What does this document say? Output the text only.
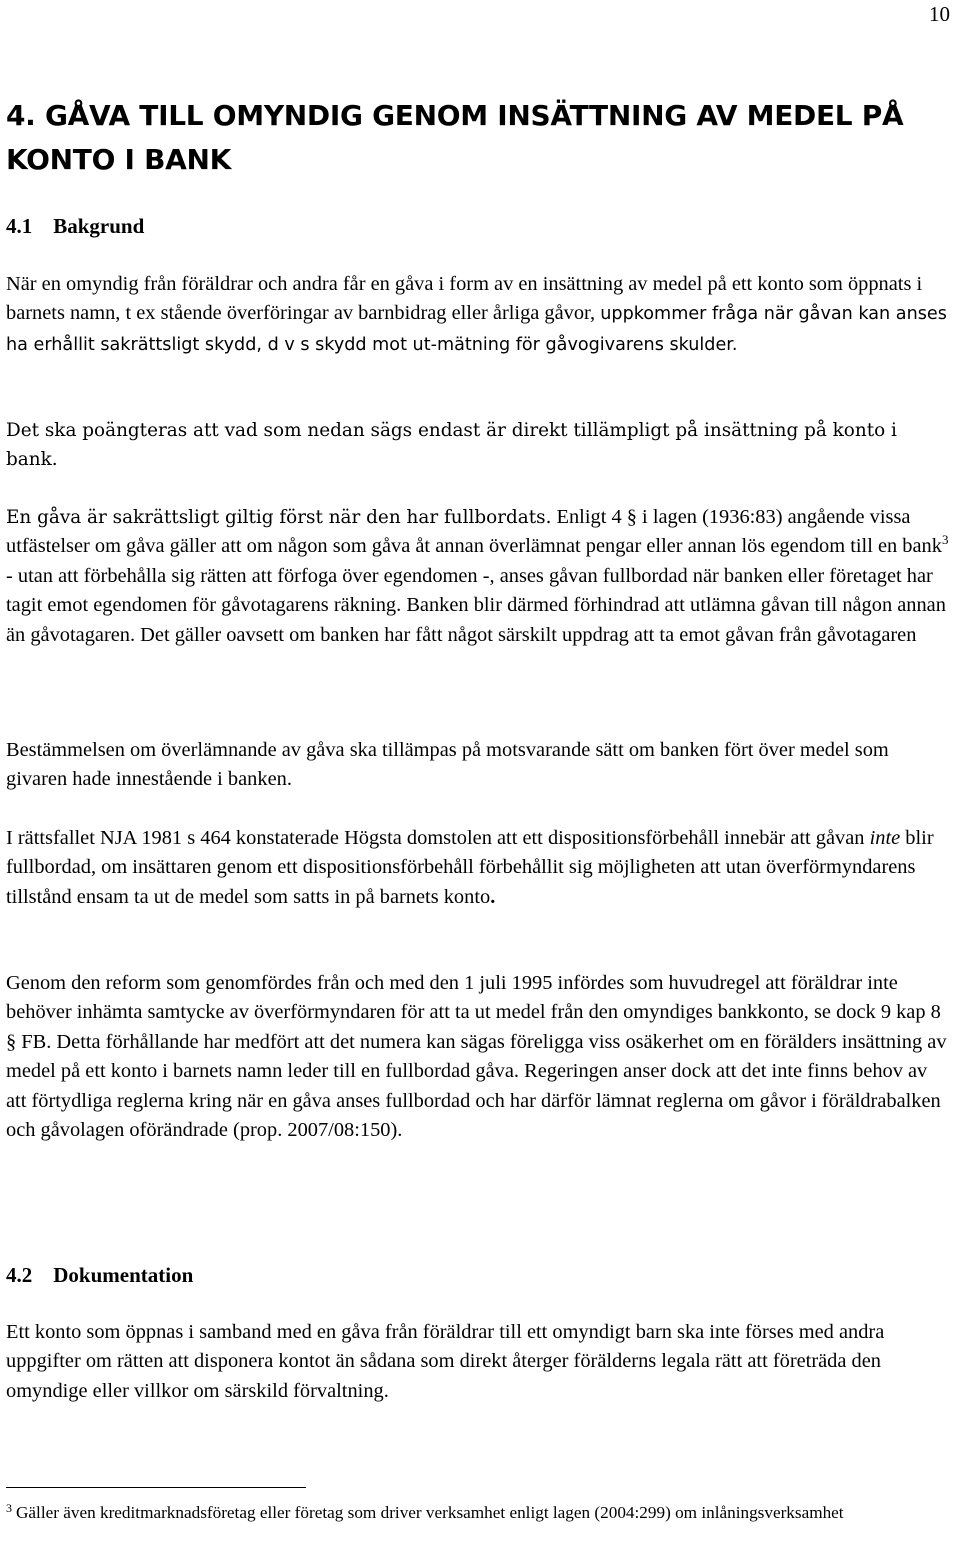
10
4. GÅVA TILL OMYNDIG GENOM INSÄTTNING AV MEDEL PÅ
KONTO I BANK
4.1 Bakgrund

När en omyndig från föräldrar och andra får en gåva i form av en insättning av medel på ett konto som öppnats i barnets namn, t ex stående överföringar av barnbidrag eller årliga gåvor, uppkommer fråga när gåvan kan anses ha erhållit sakrättsligt skydd, d v s skydd mot ut-mätning för gåvogivarens skulder.

Det ska poängteras att vad som nedan sägs endast är direkt tillämpligt på insättning på konto i bank.

En gåva är sakrättsligt giltig först när den har fullbordats. Enligt 4 § i lagen (1936:83) angående vissa utfästelser om gåva gäller att om någon som gåva åt annan överlämnat pengar eller annan lös egendom till en bank$^3$ - utan att förbehålla sig rätten att förfoga över egendomen -, anses gåvan fullbordad när banken eller företaget har tagit emot egendomen för gåvotagarens räkning. Banken blir därmed förhindrad att utlämna gåvan till någon annan än gåvotagaren. Det gäller oavsett om banken har fått något särskilt uppdrag att ta emot gåvan från gåvotagaren

Bestämmelsen om överlämnande av gåva ska tillämpas på motsvarande sätt om banken fört över medel som givaren hade innestående i banken.

I rättsfallet NJA 1981 s 464 konstaterade Högsta domstolen att ett dispositionsförbehåll innebär att gåvan inte blir fullbordad, om insättaren genom ett dispositionsförbehåll förbehållit sig möjligheten att utan överförmyndarens tillstånd ensam ta ut de medel som satts in på barnets konto.

Genom den reform som genomfördes från och med den 1 juli 1995 infördes som huvudregel att föräldrar inte behöver inhämta samtycke av överförmyndaren för att ta ut medel från den omyndiges bankkonto, se dock 9 kap 8 § FB. Detta förhållande har medfört att det numera kan sägas föreligga viss osäkerhet om en förälders insättning av medel på ett konto i barnets namn leder till en fullbordad gåva. Regeringen anser dock att det inte finns behov av att förtydliga reglerna kring när en gåva anses fullbordad och har därför lämnat reglerna om gåvor i föräldrabalken och gåvolagen oförändrade (prop. 2007/08:150).

4.2 Dokumentation

Ett konto som öppnas i samband med en gåva från föräldrar till ett omyndigt barn ska inte förses med andra uppgifter om rätten att disponera kontot än sådana som direkt återger förälderns legala rätt att företräda den omyndige eller villkor om särskild förvaltning.

$^3$ Gäller även kreditmarknadsföretag eller företag som driver verksamhet enligt lagen (2004:299) om inlåningsverksamhet
